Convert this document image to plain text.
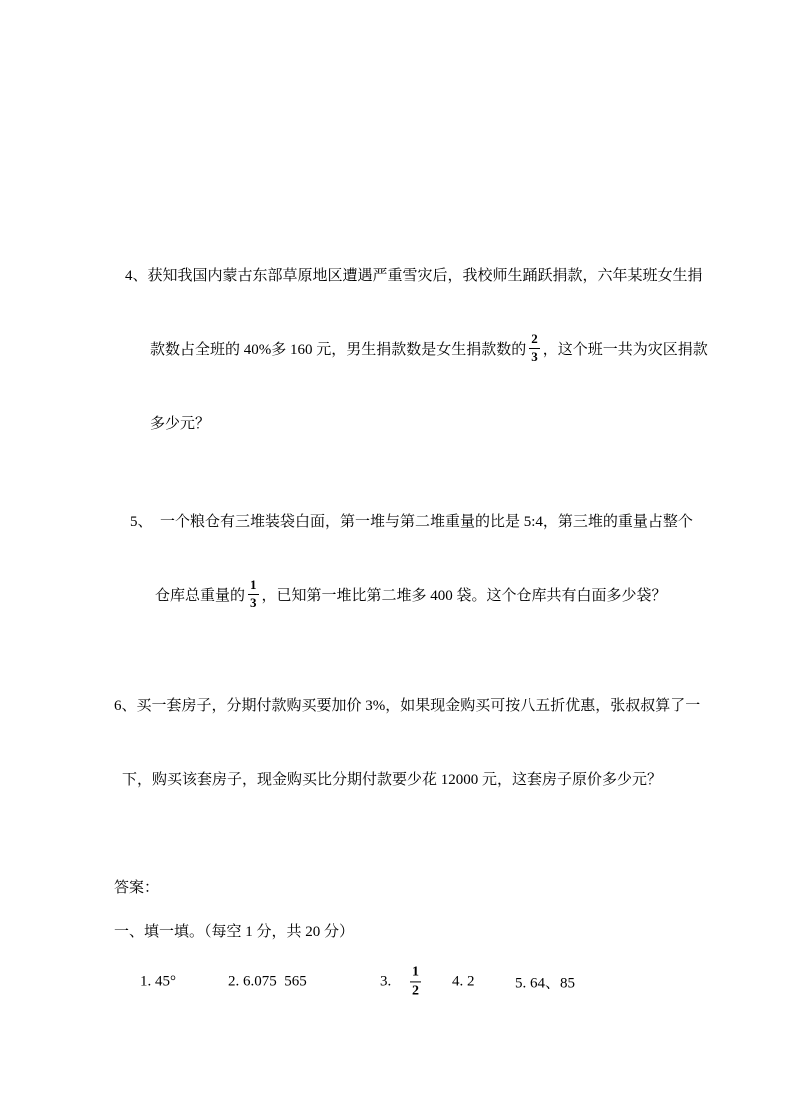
4、获知我国内蒙古东部草原地区遭遇严重雪灾后，我校师生踊跃捐款，六年某班女生捐

款数占全班的 40%多 160 元，男生捐款数是女生捐款数的 $\frac{2}{3}$ ，这个班一共为灾区捐款

多少元？

5、　一个粮仓有三堆装袋白面，第一堆与第二堆重量的比是 5:4，第三堆的重量占整个

仓库总重量的 $\frac{1}{3}$ ，已知第一堆比第二堆多 400 袋。这个仓库共有白面多少袋？

6、买一套房子，分期付款购买要加价 3%，如果现金购买可按八五折优惠，张叔叔算了一

下，购买该套房子，现金购买比分期付款要少花 12000 元，这套房子原价多少元？

答案：
一、填一填。（每空 1 分，共 20 分）
1. 45°	2. 6.075  565	3. $\frac{1}{2} 4$. 2	5. 64、85
